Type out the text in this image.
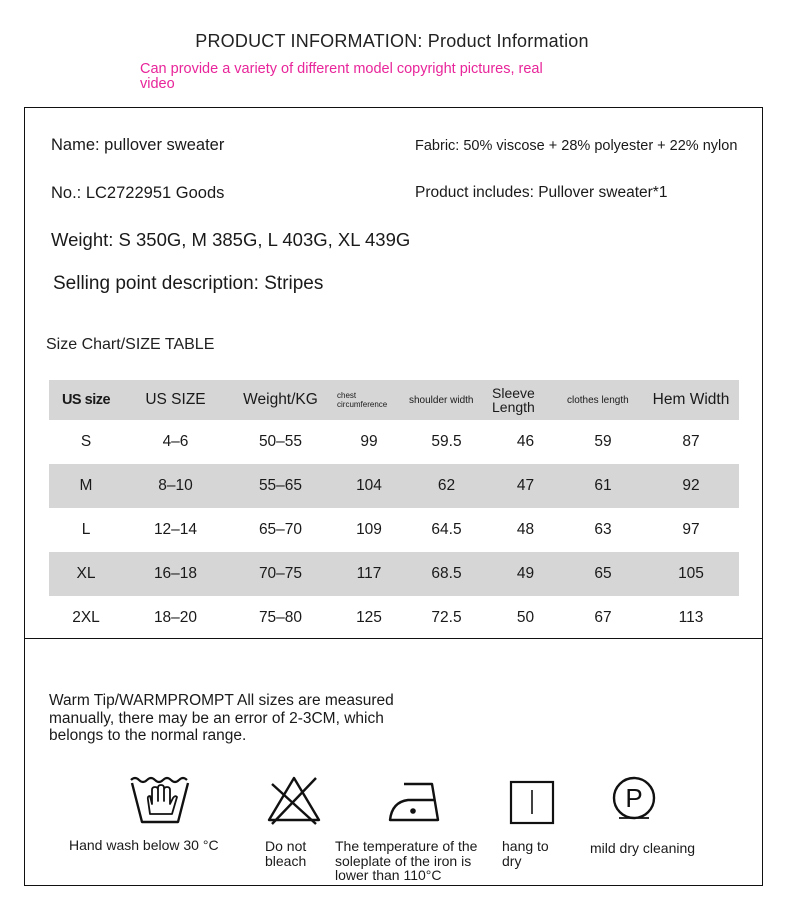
PRODUCT INFORMATION: Product Information
Can provide a variety of different model copyright pictures, real video
Name: pullover sweater	Fabric: 50% viscose + 28% polyester + 22% nylon
No.: LC2722951 Goods	Product includes: Pullover sweater*1
Weight: S 350G, M 385G, L 403G, XL 439G
Selling point description: Stripes
Size Chart/SIZE TABLE
US size	US SIZE	Weight/KG	chest circumference	shoulder width	Sleeve Length	clothes length	Hem Width
S	4–6	50–55	99	59.5	46	59	87
M	8–10	55–65	104	62	47	61	92
L	12–14	65–70	109	64.5	48	63	97
XL	16–18	70–75	117	68.5	49	65	105
2XL	18–20	75–80	125	72.5	50	67	113
Warm Tip/WARMPROMPT All sizes are measured manually, there may be an error of 2-3CM, which belongs to the normal range.
Hand wash below 30 °C	Do not bleach
The temperature of the soleplate of the iron is lower than 110°C
hang to dry
P
mild dry cleaning
